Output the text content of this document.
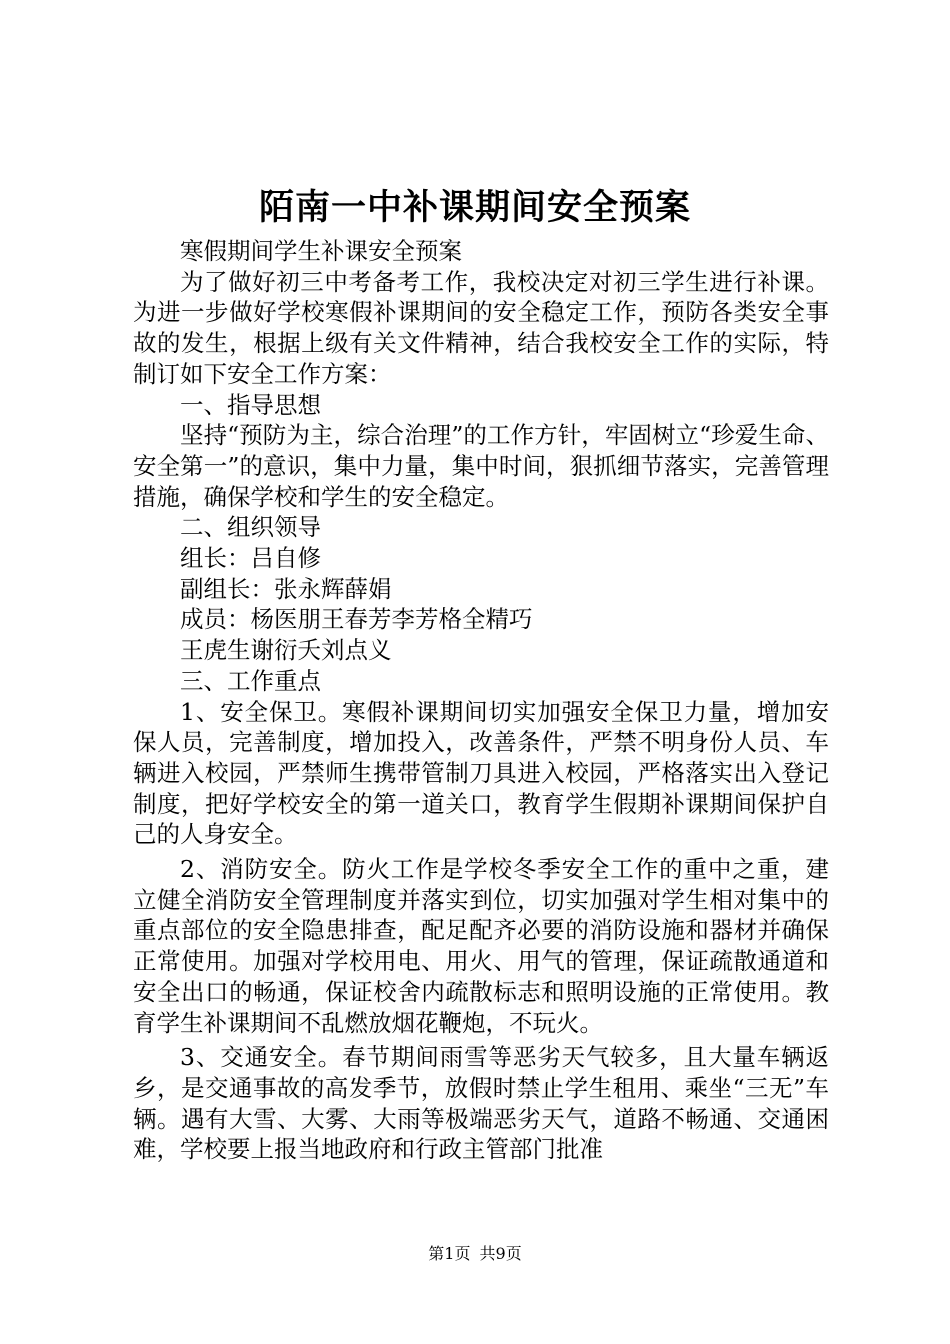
陌南一中补课期间安全预案

寒假期间学生补课安全预案

为了做好初三中考备考工作，我校决定对初三学生进行补课。为进一步做好学校寒假补课期间的安全稳定工作，预防各类安全事故的发生，根据上级有关文件精神，结合我校安全工作的实际，特制订如下安全工作方案：

一、指导思想

坚持“预防为主，综合治理”的工作方针，牢固树立“珍爱生命、安全第一”的意识，集中力量，集中时间，狠抓细节落实，完善管理措施，确保学校和学生的安全稳定。

二、组织领导

组长：吕自修

副组长：张永辉薛娟

成员：杨医朋王春芳李芳格全精巧

王虎生谢衍夭刘点义

三、工作重点

1、安全保卫。寒假补课期间切实加强安全保卫力量，增加安保人员，完善制度，增加投入，改善条件，严禁不明身份人员、车辆进入校园，严禁师生携带管制刀具进入校园，严格落实出入登记制度，把好学校安全的第一道关口，教育学生假期补课期间保护自己的人身安全。

2、消防安全。防火工作是学校冬季安全工作的重中之重，建立健全消防安全管理制度并落实到位，切实加强对学生相对集中的重点部位的安全隐患排查，配足配齐必要的消防设施和器材并确保正常使用。加强对学校用电、用火、用气的管理，保证疏散通道和安全出口的畅通，保证校舍内疏散标志和照明设施的正常使用。教育学生补课期间不乱燃放烟花鞭炮，不玩火。

3、交通安全。春节期间雨雪等恶劣天气较多，且大量车辆返乡，是交通事故的高发季节，放假时禁止学生租用、乘坐“三无”车辆。遇有大雪、大雾、大雨等极端恶劣天气，道路不畅通、交通困难，学校要上报当地政府和行政主管部门批准

第1页 共9页
